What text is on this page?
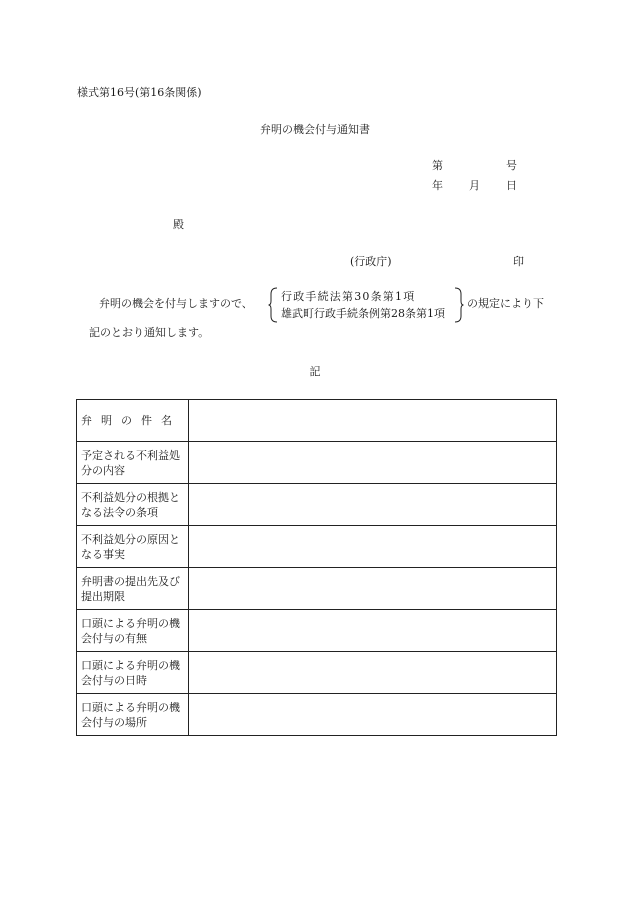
様式第16号(第16条関係)
弁明の機会付与通知書
第	号
年 月 日
殿
(行政庁)	印
弁明の機会を付与しますので、
行政手続法第30条第1項
雄武町行政手続条例第28条第1項
の規定により下
記のとおり通知します。
記
弁明の件名	
予定される不利益処分の内容	
不利益処分の根拠となる法令の条項	
不利益処分の原因となる事実	
弁明書の提出先及び提出期限	
口頭による弁明の機会付与の有無	
口頭による弁明の機会付与の日時	
口頭による弁明の機会付与の場所	
